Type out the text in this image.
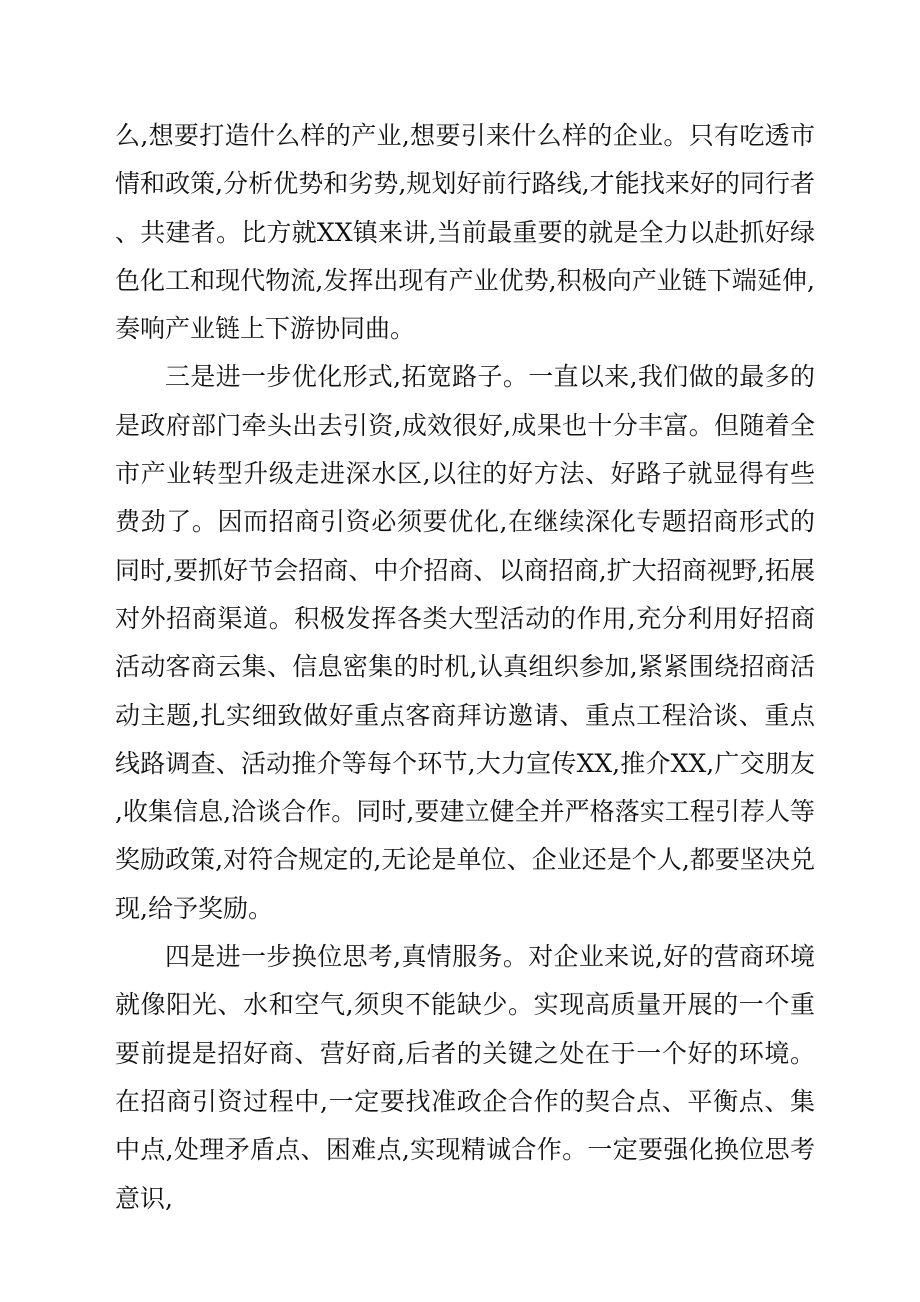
么,想要打造什么样的产业,想要引来什么样的企业。只有吃透市情和政策,分析优势和劣势,规划好前行路线,才能找来好的同行者、共建者。比方就XX镇来讲,当前最重要的就是全力以赴抓好绿色化工和现代物流,发挥出现有产业优势,积极向产业链下端延伸,奏响产业链上下游协同曲。

三是进一步优化形式,拓宽路子。一直以来,我们做的最多的是政府部门牵头出去引资,成效很好,成果也十分丰富。但随着全市产业转型升级走进深水区,以往的好方法、好路子就显得有些费劲了。因而招商引资必须要优化,在继续深化专题招商形式的同时,要抓好节会招商、中介招商、以商招商,扩大招商视野,拓展对外招商渠道。积极发挥各类大型活动的作用,充分利用好招商活动客商云集、信息密集的时机,认真组织参加,紧紧围绕招商活动主题,扎实细致做好重点客商拜访邀请、重点工程洽谈、重点线路调查、活动推介等每个环节,大力宣传XX,推介XX,广交朋友,收集信息,洽谈合作。同时,要建立健全并严格落实工程引荐人等奖励政策,对符合规定的,无论是单位、企业还是个人,都要坚决兑现,给予奖励。

四是进一步换位思考,真情服务。对企业来说,好的营商环境就像阳光、水和空气,须臾不能缺少。实现高质量开展的一个重要前提是招好商、营好商,后者的关键之处在于一个好的环境。在招商引资过程中,一定要找准政企合作的契合点、平衡点、集中点,处理矛盾点、困难点,实现精诚合作。一定要强化换位思考意识,
